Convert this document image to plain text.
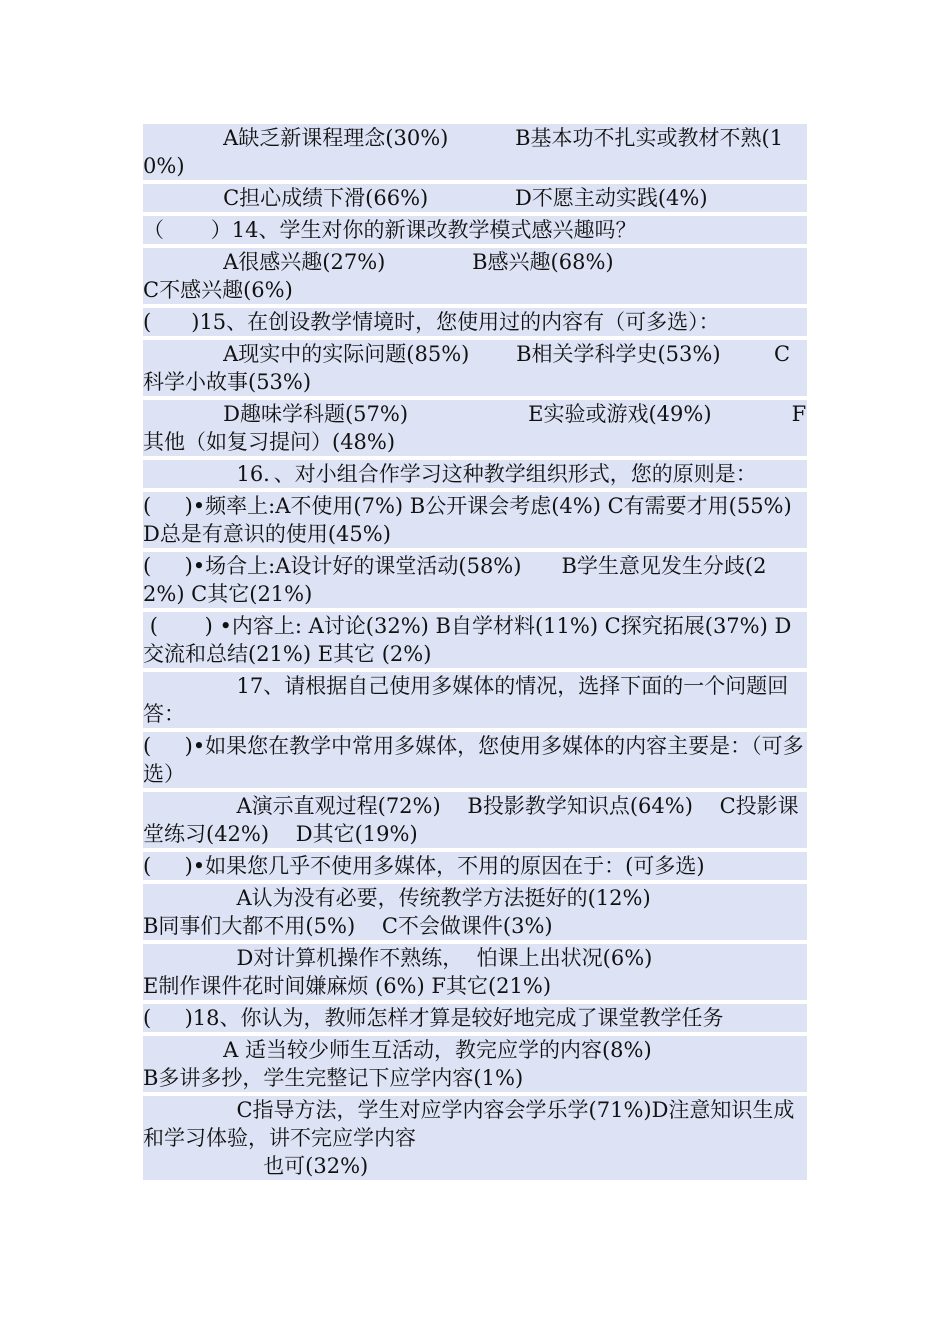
A缺乏新课程理念(30%)          B基本功不扎实或教材不熟(10%)

C担心成绩下滑(66%)             D不愿主动实践(4%)

（       ）14、学生对你的新课改教学模式感兴趣吗？

A很感兴趣(27%)             B感兴趣(68%)
C不感兴趣(6%)

(      )15、在创设教学情境时，您使用过的内容有（可多选）：

A现实中的实际问题(85%)       B相关学科学史(53%)        C科学小故事(53%)

D趣味学科题(57%)                  E实验或游戏(49%)            F其他（如复习提问）(48%)

16．、对小组合作学习这种教学组织形式，您的原则是：

(     )•频率上:A不使用(7%) B公开课会考虑(4%) C有需要才用(55%) D总是有意识的使用(45%)

(     )•场合上:A设计好的课堂活动(58%)      B学生意见发生分歧(22%) C其它(21%)

(       ) •内容上: A讨论(32%) B自学材料(11%) C探究拓展(37%) D交流和总结(21%) E其它 (2%)

17、请根据自己使用多媒体的情况，选择下面的一个问题回答：

(     )•如果您在教学中常用多媒体，您使用多媒体的内容主要是：（可多选）

A演示直观过程(72%)    B投影教学知识点(64%)    C投影课堂练习(42%)    D其它(19%)

(     )•如果您几乎不使用多媒体，不用的原因在于：(可多选)

A认为没有必要，传统教学方法挺好的(12%)
B同事们大都不用(5%)    C不会做课件(3%)

D对计算机操作不熟练，  怕课上出状况(6%)
E制作课件花时间嫌麻烦 (6%) F其它(21%)

(     )18、你认为，教师怎样才算是较好地完成了课堂教学任务

A 适当较少师生互活动，教完应学的内容(8%)
B多讲多抄，学生完整记下应学内容(1%)

C指导方法，学生对应学内容会学乐学(71%)D注意知识生成和学习体验，讲不完应学内容
也可(32%)
